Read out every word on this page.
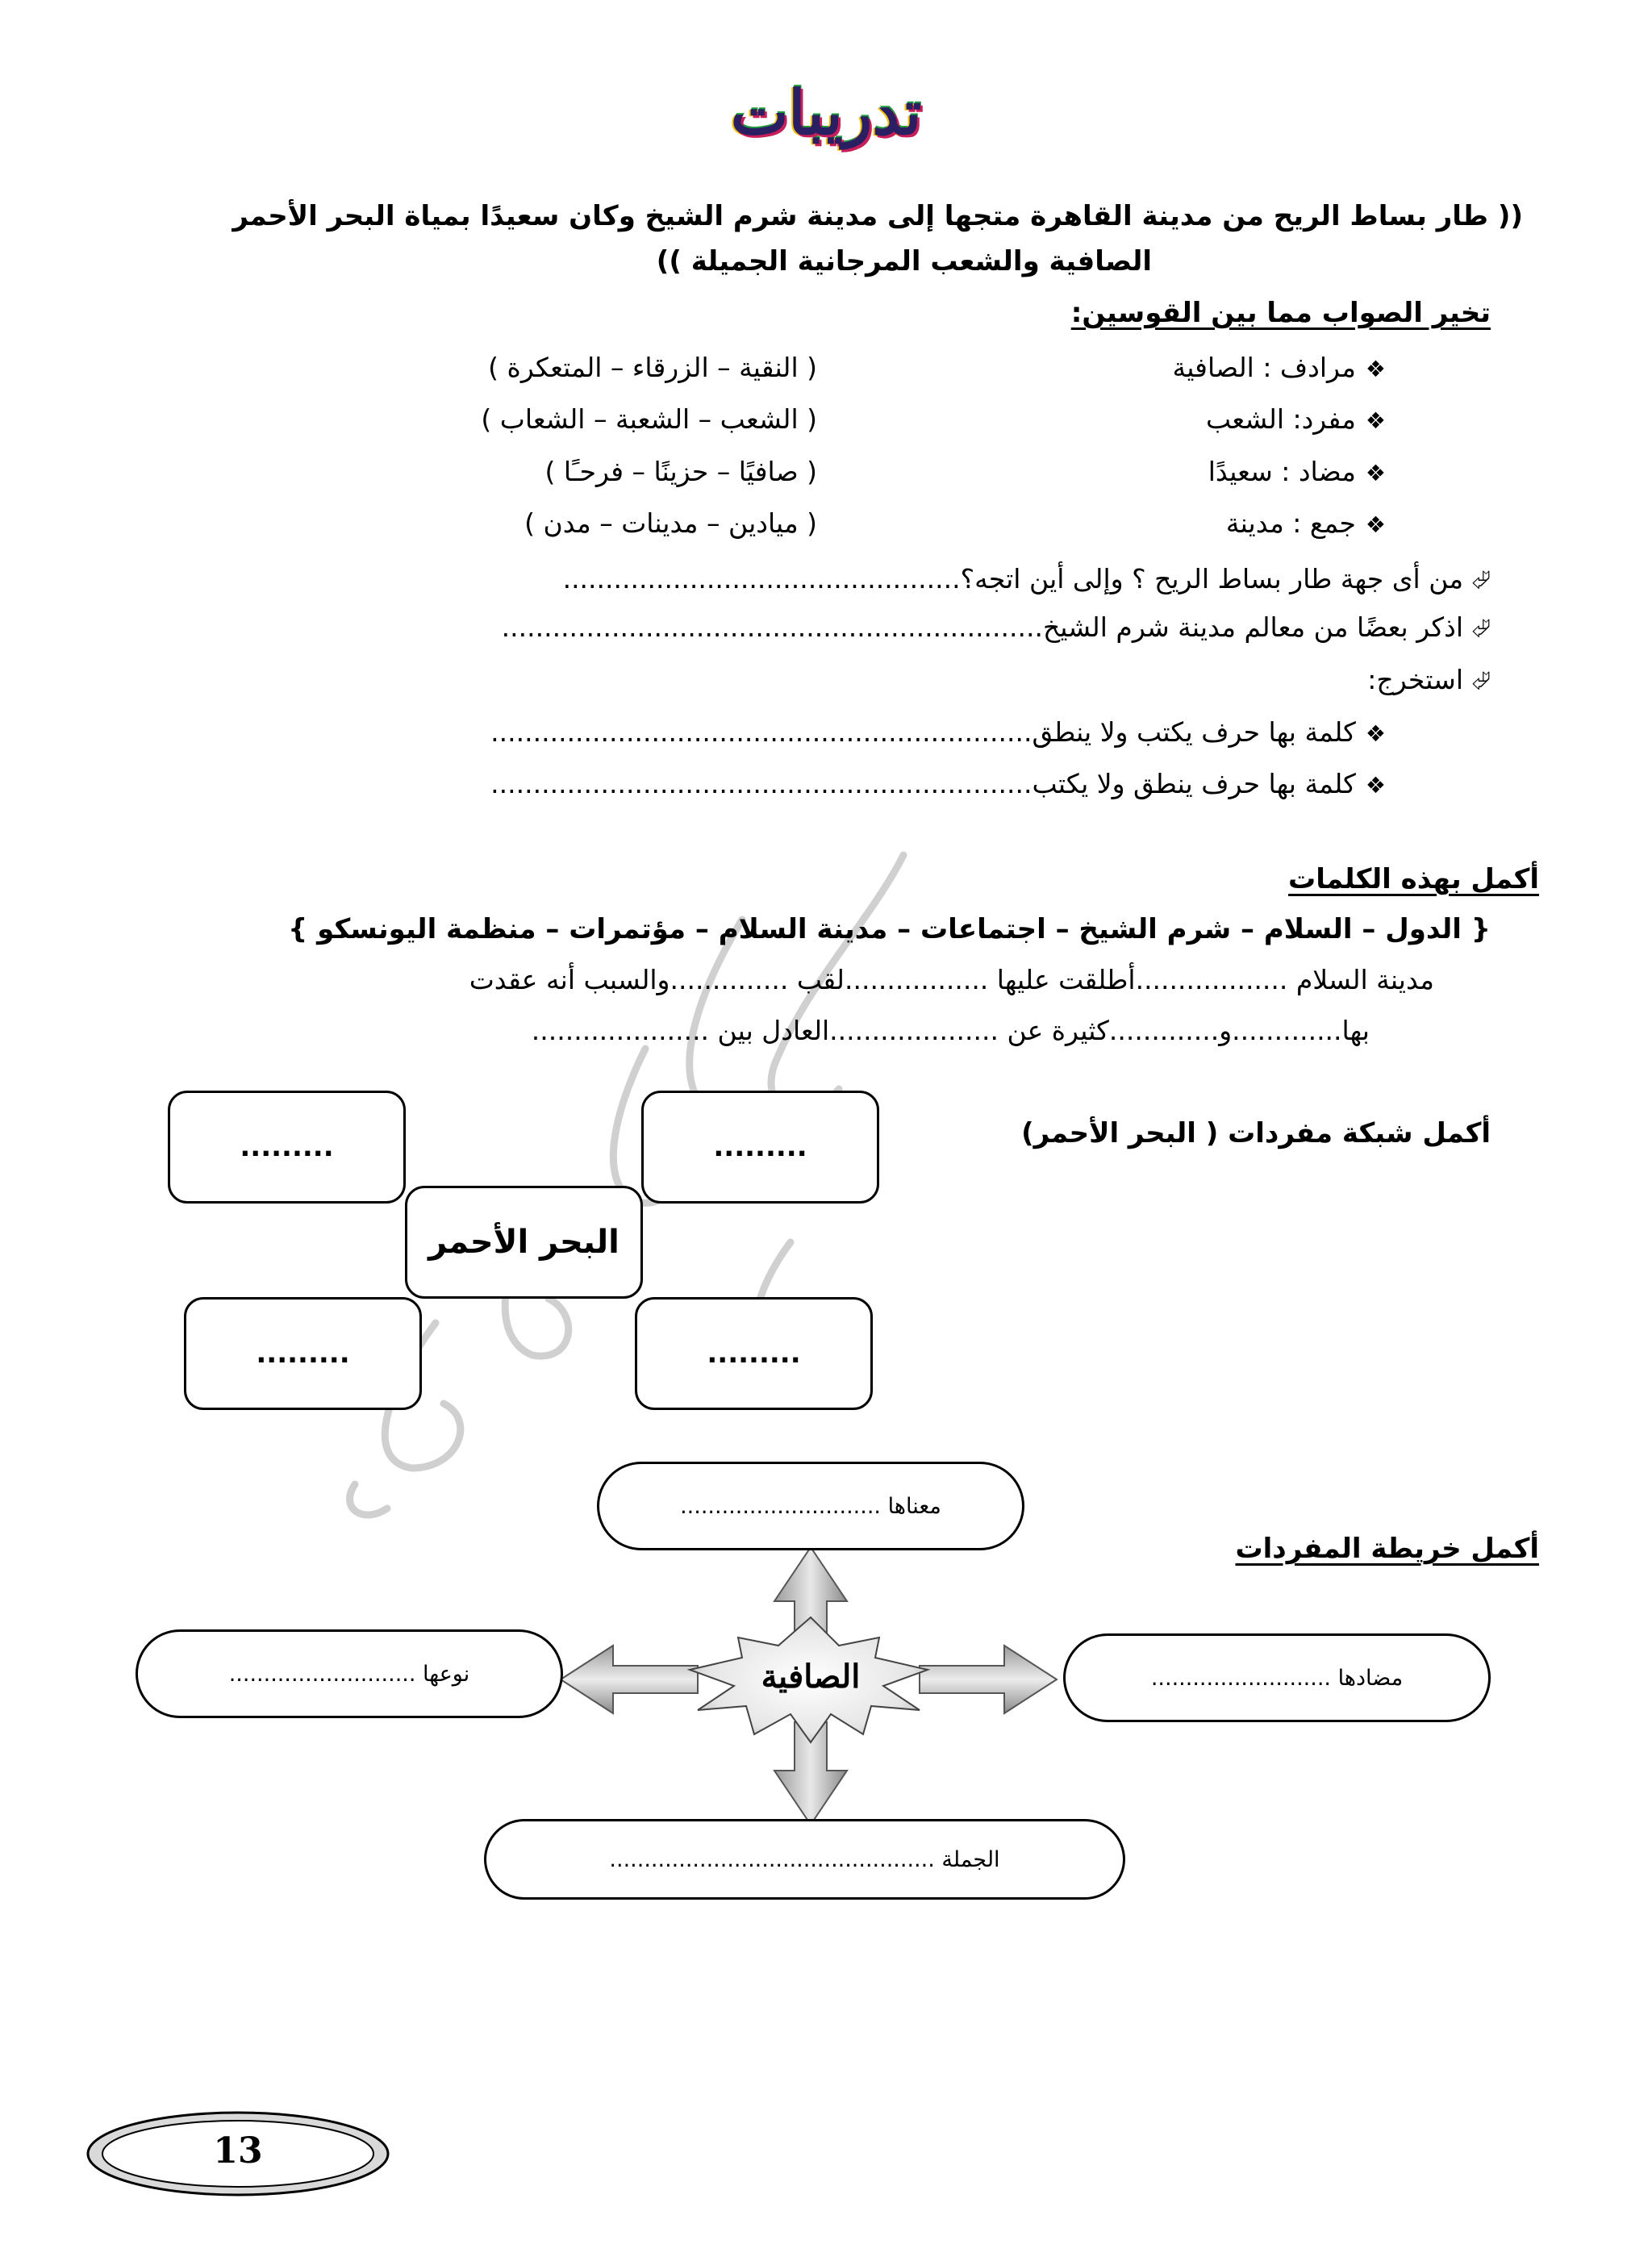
تدريبات
(( طار بساط الريح من مدينة القاهرة متجها إلى مدينة شرم الشيخ وكان سعيدًا بمياة البحر الأحمر
الصافية والشعب المرجانية الجميلة ))
تخير الصواب مما بين القوسين:
❖مرادف : الصافية
( النقية – الزرقاء – المتعكرة )
❖مفرد: الشعب
( الشعب – الشعبة – الشعاب )
❖مضاد : سعيدًا
( صافيًا – حزينًا – فرحـًا )
❖جمع : مدينة
( ميادين – مدينات – مدن )
⮰من أى جهة طار بساط الريح ؟ وإلى أين اتجه؟...............................................
⮰اذكر بعضًا من معالم مدينة شرم الشيخ................................................................
⮰استخرج:
❖كلمة بها حرف يكتب ولا ينطق................................................................
❖كلمة بها حرف ينطق ولا يكتب................................................................
أكمل بهذه الكلمات
{ الدول – السلام – شرم الشيخ – اجتماعات – مدينة السلام – مؤتمرات – منظمة اليونسكو }
مدينة السلام ..................أطلقت عليها .................لقب ..............والسبب أنه عقدت
بها.............و.............كثيرة عن ....................العادل بين .....................
أكمل شبكة مفردات ( البحر الأحمر)
.........	.........
البحر الأحمر
.........	.........
أكمل خريطة المفردات
الصافية
معناها .............................
مضادها ..........................
نوعها ...........................
الجملة ...............................................
13
